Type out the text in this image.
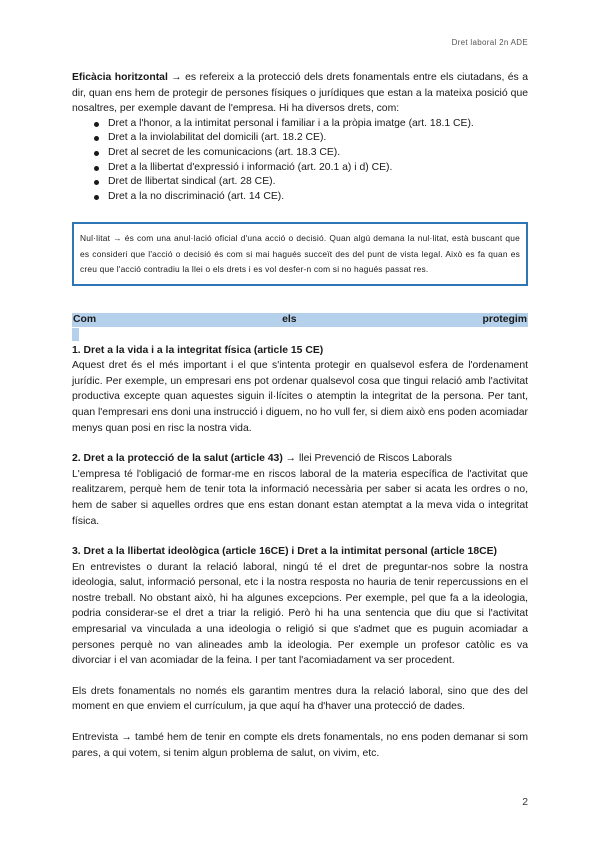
Dret laboral 2n ADE

Eficàcia horitzontal → es refereix a la protecció dels drets fonamentals entre els ciutadans, és a dir, quan ens hem de protegir de persones físiques o jurídiques que estan a la mateixa posició que nosaltres, per exemple davant de l'empresa. Hi ha diversos drets, com:

Dret a l'honor, a la intimitat personal i familiar i a la pròpia imatge (art. 18.1 CE).
Dret a la inviolabilitat del domicili (art. 18.2 CE).
Dret al secret de les comunicacions (art. 18.3 CE).
Dret a la llibertat d'expressió i informació (art. 20.1 a) i d) CE).
Dret de llibertat sindical (art. 28 CE).
Dret a la no discriminació (art. 14 CE).
Nul·litat → és com una anul·lació oficial d'una acció o decisió. Quan algú demana la nul·litat, està buscant que es consideri que l'acció o decisió és com si mai hagués succeït des del punt de vista legal. Això es fa quan es creu que l'acció contradiu la llei o els drets i es vol desfer-n com si no hagués passat res.
Com	els	protegim

1. Dret a la vida i a la integritat física (article 15 CE)

Aquest dret és el més important i el que s'intenta protegir en qualsevol esfera de l'ordenament jurídic. Per exemple, un empresari ens pot ordenar qualsevol cosa que tingui relació amb l'activitat productiva excepte quan aquestes siguin il·lícites o atemptin la integritat de la persona. Per tant, quan l'empresari ens doni una instrucció i diguem, no ho vull fer, si diem això ens poden acomiadar menys quan posi en risc la nostra vida.

2. Dret a la protecció de la salut (article 43) → llei Prevenció de Riscos Laborals

L'empresa té l'obligació de formar-me en riscos laboral de la materia específica de l'activitat que realitzarem, perquè hem de tenir tota la informació necessària per saber si acata les ordres o no, hem de saber si aquelles ordres que ens estan donant estan atemptat a la meva vida o integritat física.

3. Dret a la llibertat ideològica (article 16CE) i Dret a la intimitat personal (article 18CE)

En entrevistes o durant la relació laboral, ningú té el dret de preguntar-nos sobre la nostra ideologia, salut, informació personal, etc i la nostra resposta no hauria de tenir repercussions en el nostre treball. No obstant això, hi ha algunes excepcions. Per exemple, pel que fa a la ideologia, podria considerar-se el dret a triar la religió. Però hi ha una sentencia que diu que si l'activitat empresarial va vinculada a una ideologia o religió si que s'admet que es puguin acomiadar a persones perquè no van alineades amb la ideologia. Per exemple un profesor catòlic es va divorciar i el van acomiadar de la feina. I per tant l'acomiadament va ser procedent.

Els drets fonamentals no només els garantim mentres dura la relació laboral, sino que des del moment en que enviem el currículum, ja que aquí ha d'haver una protecció de dades.

Entrevista → també hem de tenir en compte els drets fonamentals, no ens poden demanar si som pares, a qui votem, si tenim algun problema de salut, on vivim, etc.

2
